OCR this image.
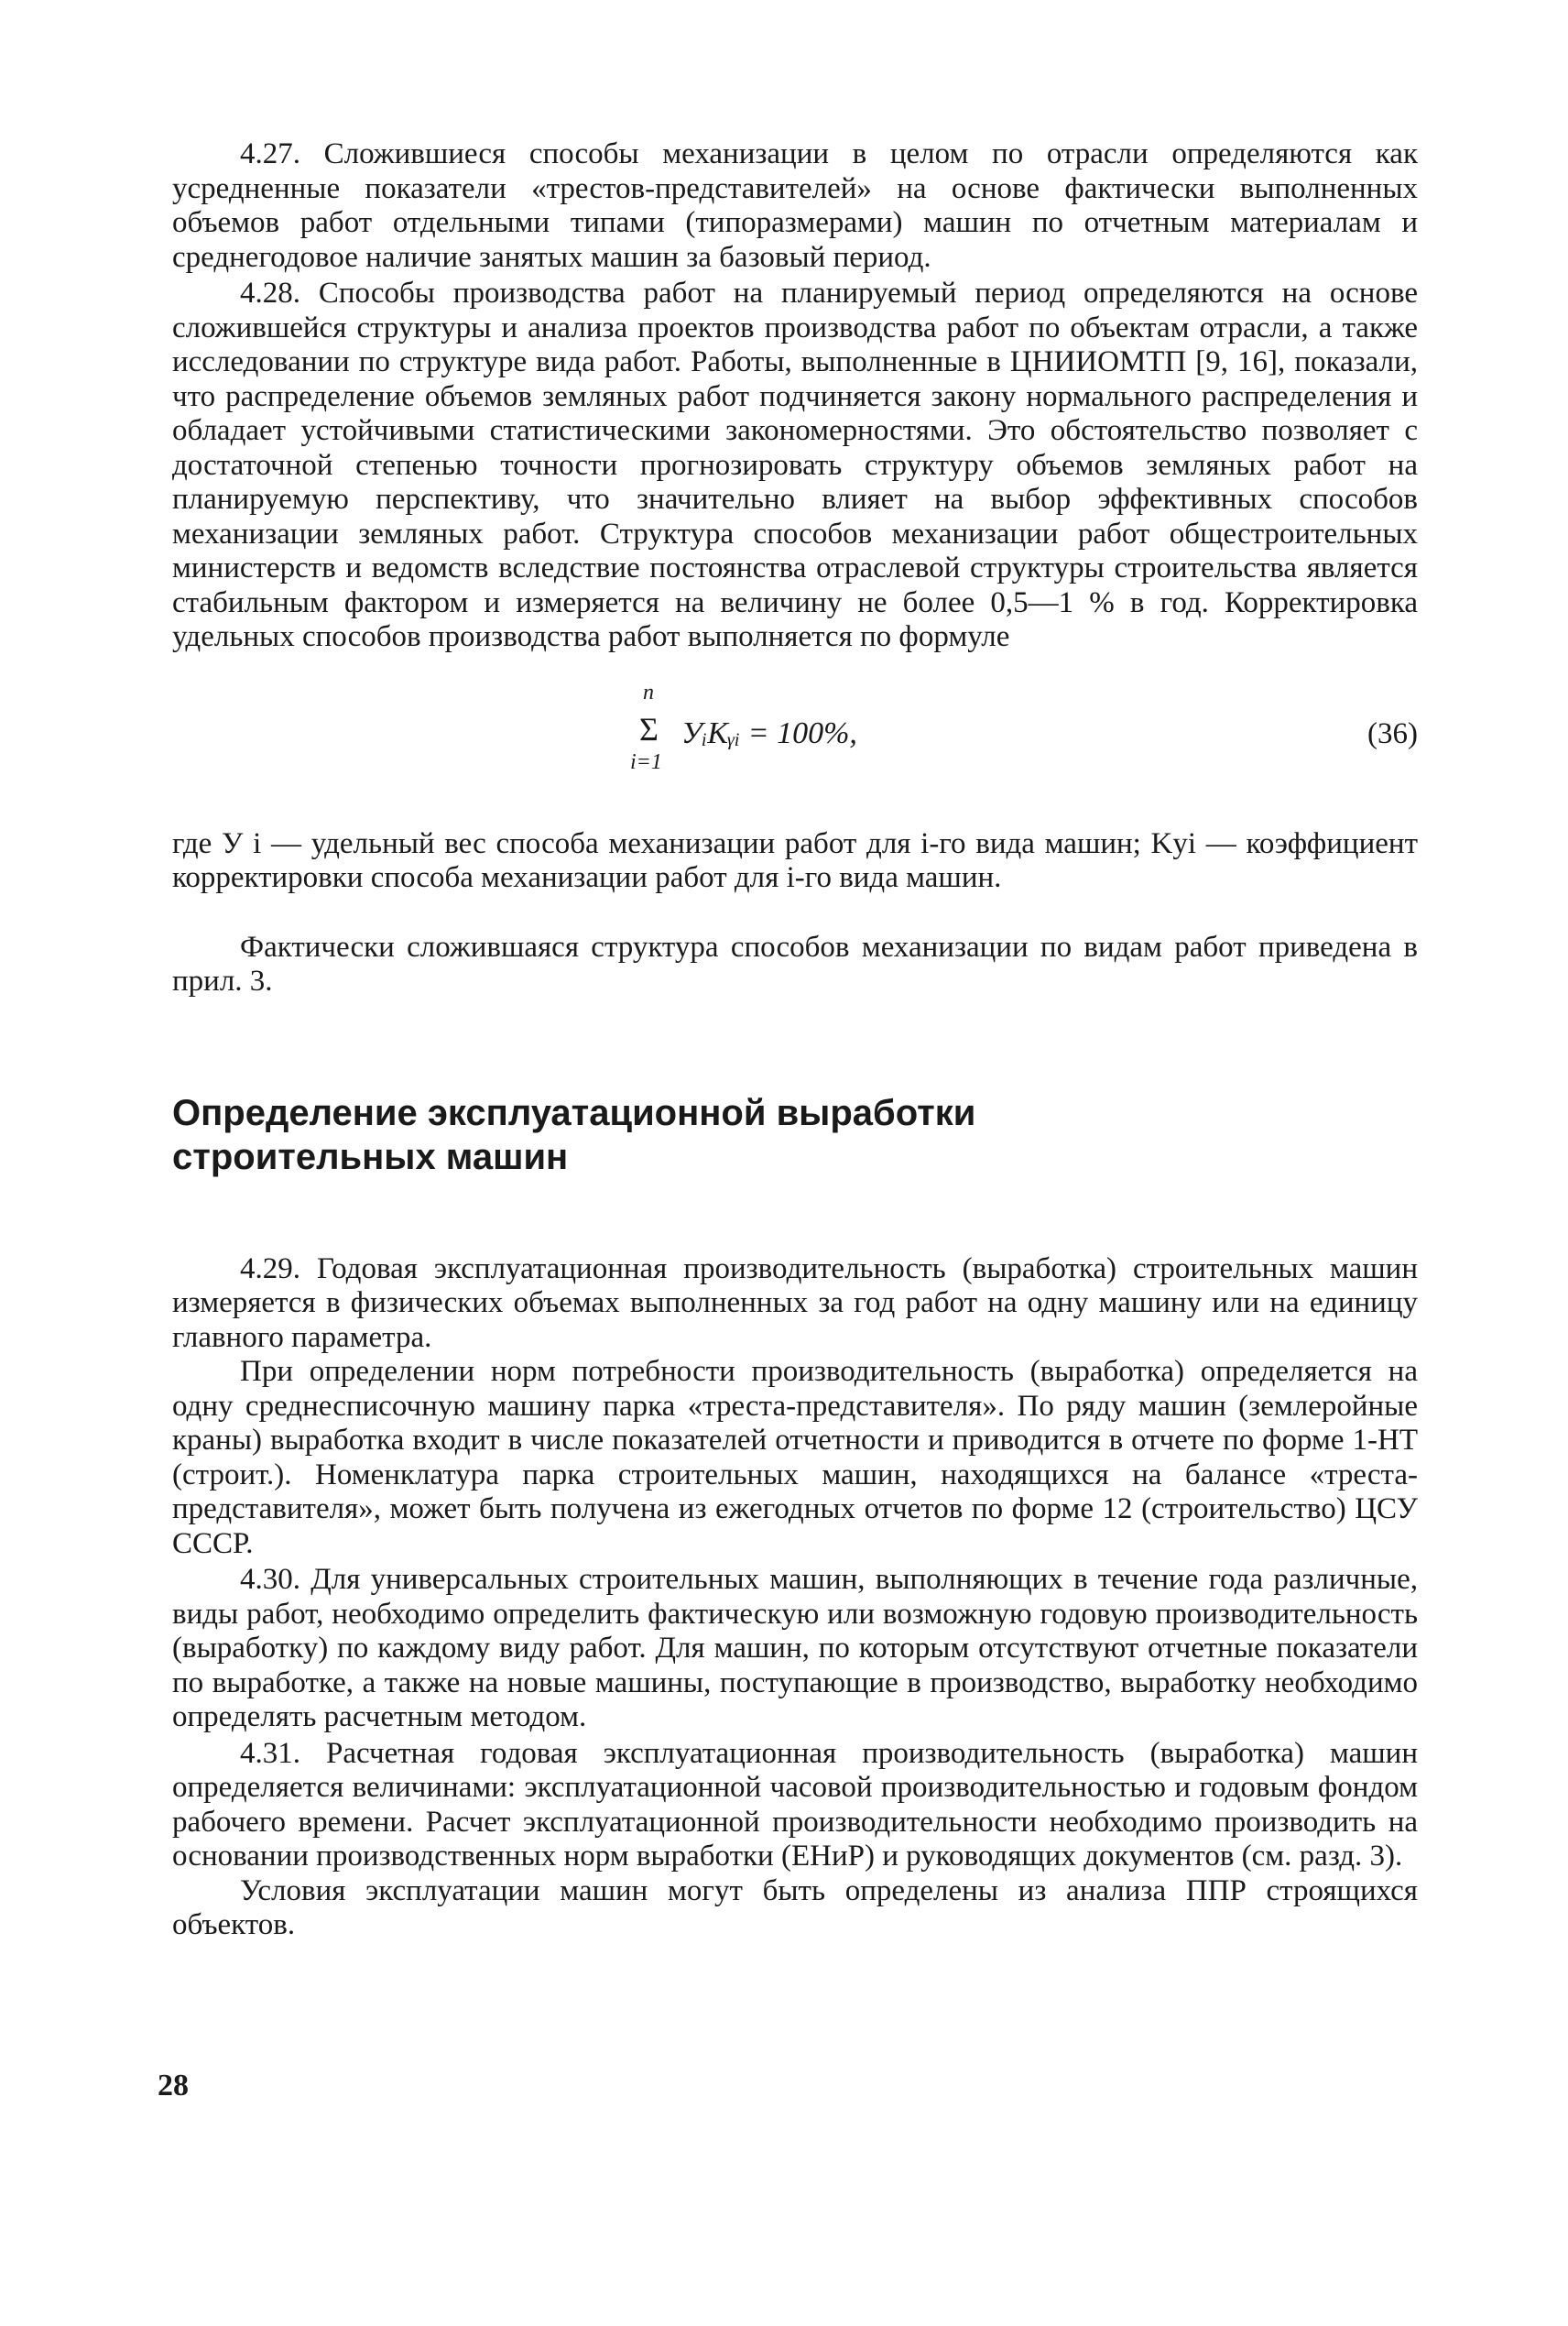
4.27. Сложившиеся способы механизации в целом по отрасли определяются как усредненные показатели «трестов-представителей» на основе фактически выполненных объемов работ отдельными типами (типоразмерами) машин по отчетным материалам и среднегодовое наличие занятых машин за базовый период.

4.28. Способы производства работ на планируемый период определяются на основе сложившейся структуры и анализа проектов производства работ по объектам отрасли, а также исследовании по структуре вида работ. Работы, выполненные в ЦНИИОМТП [9, 16], показали, что распределение объемов земляных работ подчиняется закону нормального распределения и обладает устойчивыми статистическими закономерностями. Это обстоятельство позволяет с достаточной степенью точности прогнозировать структуру объемов земляных работ на планируемую перспективу, что значительно влияет на выбор эффективных способов механизации земляных работ. Структура способов механизации работ общестроительных министерств и ведомств вследствие постоянства отраслевой структуры строительства является стабильным фактором и измеряется на величину не более 0,5—1 % в год. Корректировка удельных способов производства работ выполняется по формуле

n
Σ
i=1
УᵢKᵧᵢ = 100%,	(36)

где У i — удельный вес способа механизации работ для i-го вида машин; Kуi — коэффициент корректировки способа механизации работ для i-го вида машин.

Фактически сложившаяся структура способов механизации по видам работ приведена в прил. 3.

Определение эксплуатационной выработки
строительных машин

4.29. Годовая эксплуатационная производительность (выработка) строительных машин измеряется в физических объемах выполненных за год работ на одну машину или на единицу главного параметра.

При определении норм потребности производительность (выработка) определяется на одну среднесписочную машину парка «треста-представителя». По ряду машин (землеройные краны) выработка входит в числе показателей отчетности и приводится в отчете по форме 1-НТ (строит.). Номенклатура парка строительных машин, находящихся на балансе «треста-представителя», может быть получена из ежегодных отчетов по форме 12 (строительство) ЦСУ СССР.

4.30. Для универсальных строительных машин, выполняющих в течение года различные, виды работ, необходимо определить фактическую или возможную годовую производительность (выработку) по каждому виду работ. Для машин, по которым отсутствуют отчетные показатели по выработке, а также на новые машины, поступающие в производство, выработку необходимо определять расчетным методом.

4.31. Расчетная годовая эксплуатационная производительность (выработка) машин определяется величинами: эксплуатационной часовой производительностью и годовым фондом рабочего времени. Расчет эксплуатационной производительности необходимо производить на основании производственных норм выработки (ЕНиР) и руководящих документов (см. разд. 3).

Условия эксплуатации машин могут быть определены из анализа ППР строящихся объектов.

28
